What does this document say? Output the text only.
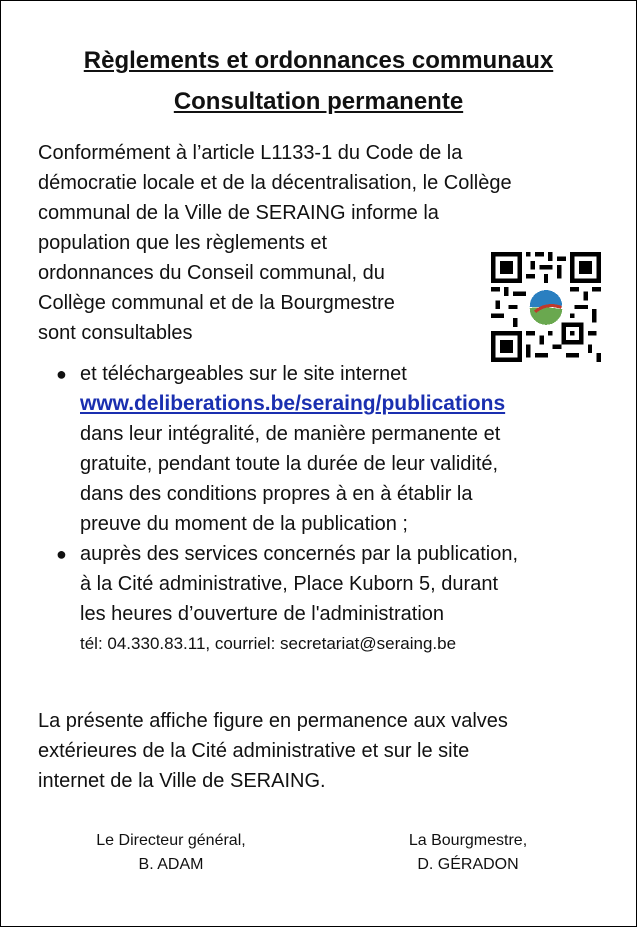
Règlements et ordonnances communaux
Consultation permanente

Conformément à l’article L1133-1 du Code de la
démocratie locale et de la décentralisation, le Collège
communal de la Ville de SERAING informe la
population que les règlements et
ordonnances du Conseil communal, du
Collège communal et de la Bourgmestre
sont consultables

● et téléchargeables sur le site internet
www.deliberations.be/seraing/publications
dans leur intégralité, de manière permanente et
gratuite, pendant toute la durée de leur validité,
dans des conditions propres à en à établir la
preuve du moment de la publication ;
● auprès des services concernés par la publication,
à la Cité administrative, Place Kuborn 5, durant
les heures d’ouverture de l'administration
tél: 04.330.83.11, courriel: secretariat@seraing.be

La présente affiche figure en permanence aux valves
extérieures de la Cité administrative et sur le site
internet de la Ville de SERAING.

Le Directeur général,
B. ADAM
La Bourgmestre,
D. GÉRADON
